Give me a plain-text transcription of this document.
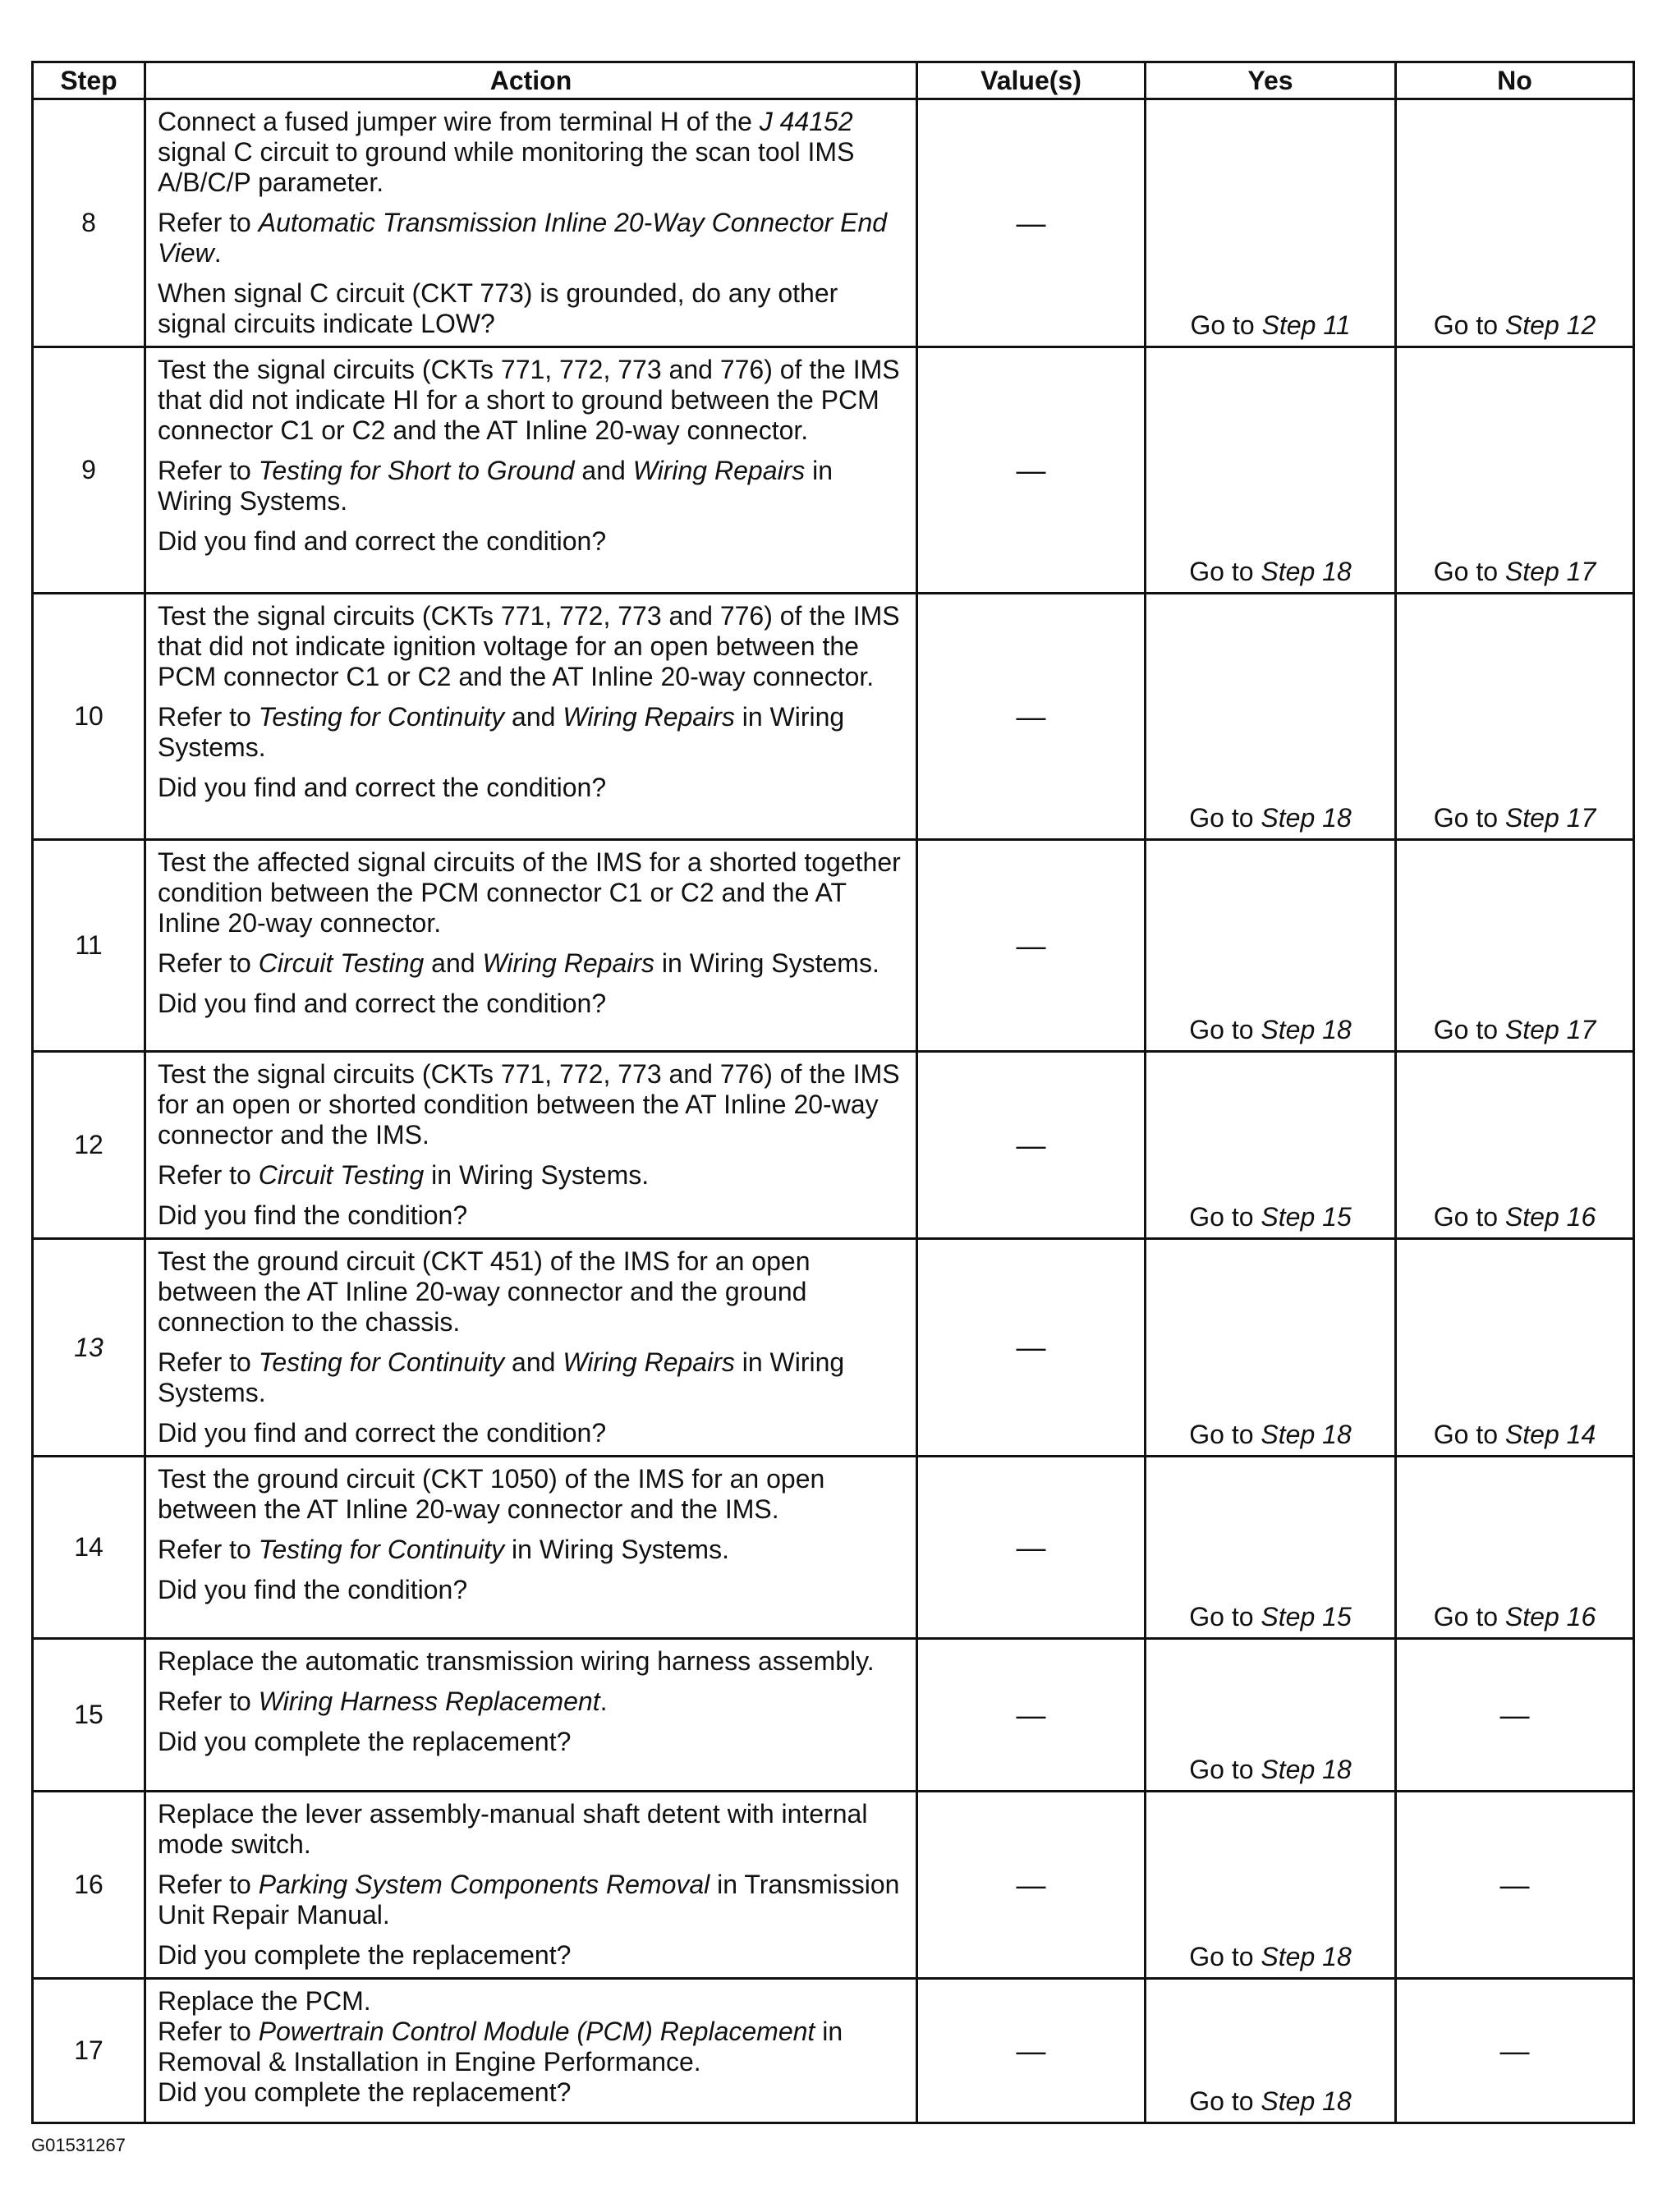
Step	Action	Value(s)	Yes	No
8	Connect a fused jumper wire from terminal H of the J 44152 signal C circuit to ground while monitoring the scan tool IMS A/B/C/P parameter.

Refer to Automatic Transmission Inline 20-Way Connector End View.

When signal C circuit (CKT 773) is grounded, do any other signal circuits indicate LOW?	—	Go to Step 11	Go to Step 12
9	Test the signal circuits (CKTs 771, 772, 773 and 776) of the IMS that did not indicate HI for a short to ground between the PCM connector C1 or C2 and the AT Inline 20-way connector.

Refer to Testing for Short to Ground and Wiring Repairs in Wiring Systems.

Did you find and correct the condition?	—	Go to Step 18	Go to Step 17
10	Test the signal circuits (CKTs 771, 772, 773 and 776) of the IMS that did not indicate ignition voltage for an open between the PCM connector C1 or C2 and the AT Inline 20-way connector.

Refer to Testing for Continuity and Wiring Repairs in Wiring Systems.

Did you find and correct the condition?	—	Go to Step 18	Go to Step 17
11	Test the affected signal circuits of the IMS for a shorted together condition between the PCM connector C1 or C2 and the AT Inline 20-way connector.

Refer to Circuit Testing and Wiring Repairs in Wiring Systems.

Did you find and correct the condition?	—	Go to Step 18	Go to Step 17
12	Test the signal circuits (CKTs 771, 772, 773 and 776) of the IMS for an open or shorted condition between the AT Inline 20-way connector and the IMS.

Refer to Circuit Testing in Wiring Systems.

Did you find the condition?	—	Go to Step 15	Go to Step 16
13	Test the ground circuit (CKT 451) of the IMS for an open between the AT Inline 20-way connector and the ground connection to the chassis.

Refer to Testing for Continuity and Wiring Repairs in Wiring Systems.

Did you find and correct the condition?	—	Go to Step 18	Go to Step 14
14	Test the ground circuit (CKT 1050) of the IMS for an open between the AT Inline 20-way connector and the IMS.

Refer to Testing for Continuity in Wiring Systems.

Did you find the condition?	—	Go to Step 15	Go to Step 16
15	Replace the automatic transmission wiring harness assembly.

Refer to Wiring Harness Replacement.

Did you complete the replacement?	—	Go to Step 18	—
16	Replace the lever assembly-manual shaft detent with internal mode switch.

Refer to Parking System Components Removal in Transmission Unit Repair Manual.

Did you complete the replacement?	—	Go to Step 18	—
17	Replace the PCM.

Refer to Powertrain Control Module (PCM) Replacement in Removal & Installation in Engine Performance.

Did you complete the replacement?	—	Go to Step 18	—
G01531267
